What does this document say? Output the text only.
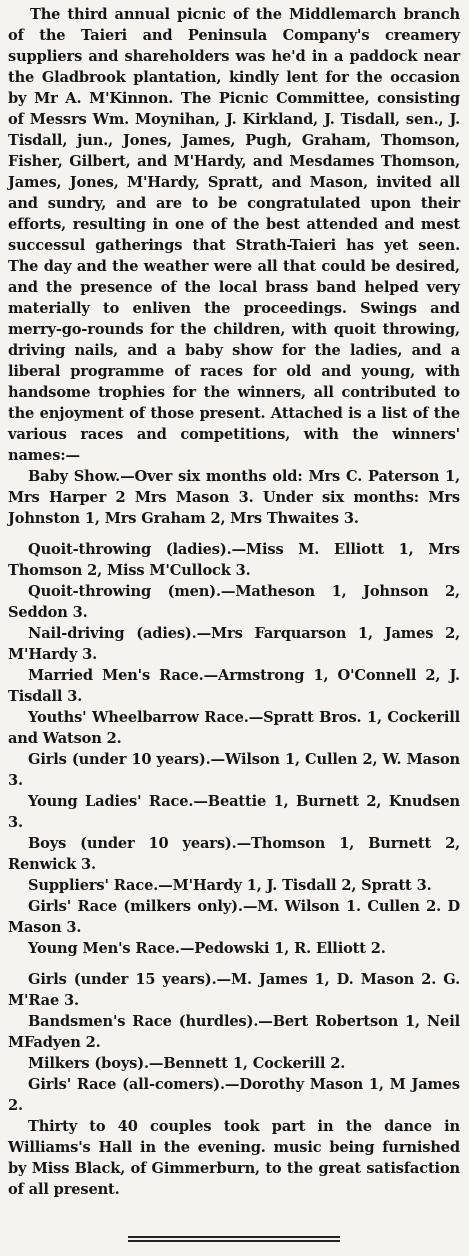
The third annual picnic of the Middlemarch branch of the Taieri and Peninsula Company's creamery suppliers and shareholders was he'd in a paddock near the Gladbrook plantation, kindly lent for the occasion by Mr A. M'Kinnon. The Picnic Committee, consisting of Messrs Wm. Moynihan, J. Kirkland, J. Tisdall, sen., J. Tisdall, jun., Jones, James, Pugh, Graham, Thomson, Fisher, Gilbert, and M'Hardy, and Mesdames Thomson, James, Jones, M'Hardy, Spratt, and Mason, invited all and sundry, and are to be congratulated upon their efforts, resulting in one of the best attended and mest successul gatherings that Strath-Taieri has yet seen. The day and the weather were all that could be desired, and the presence of the local brass band helped very materially to enliven the proceedings. Swings and merry-go-rounds for the children, with quoit throwing, driving nails, and a baby show for the ladies, and a liberal programme of races for old and young, with handsome trophies for the winners, all contributed to the enjoyment of those present. Attached is a list of the various races and competitions, with the winners' names:—

Baby Show.—Over six months old: Mrs C. Paterson 1, Mrs Harper 2 Mrs Mason 3. Under six months: Mrs Johnston 1, Mrs Graham 2, Mrs Thwaites 3.

Quoit-throwing (ladies).—Miss M. Elliott 1, Mrs Thomson 2, Miss M'Cullock 3.

Quoit-throwing (men).—Matheson 1, Johnson 2, Seddon 3.

Nail-driving (adies).—Mrs Farquarson 1, James 2, M'Hardy 3.

Married Men's Race.—Armstrong 1, O'Connell 2, J. Tisdall 3.

Youths' Wheelbarrow Race.—Spratt Bros. 1, Cockerill and Watson 2.

Girls (under 10 years).—Wilson 1, Cullen 2, W. Mason 3.

Young Ladies' Race.—Beattie 1, Burnett 2, Knudsen 3.

Boys (under 10 years).—Thomson 1, Burnett 2, Renwick 3.

Suppliers' Race.—M'Hardy 1, J. Tisdall 2, Spratt 3.

Girls' Race (milkers only).—M. Wilson 1. Cullen 2. D Mason 3.

Young Men's Race.—Pedowski 1, R. Elliott 2.

Girls (under 15 years).—M. James 1, D. Mason 2. G. M'Rae 3.

Bandsmen's Race (hurdles).—Bert Robertson 1, Neil MFadyen 2.

Milkers (boys).—Bennett 1, Cockerill 2.

Girls' Race (all-comers).—Dorothy Mason 1, M James 2.

Thirty to 40 couples took part in the dance in Williams's Hall in the evening. music being furnished by Miss Black, of Gimmerburn, to the great satisfaction of all present.
